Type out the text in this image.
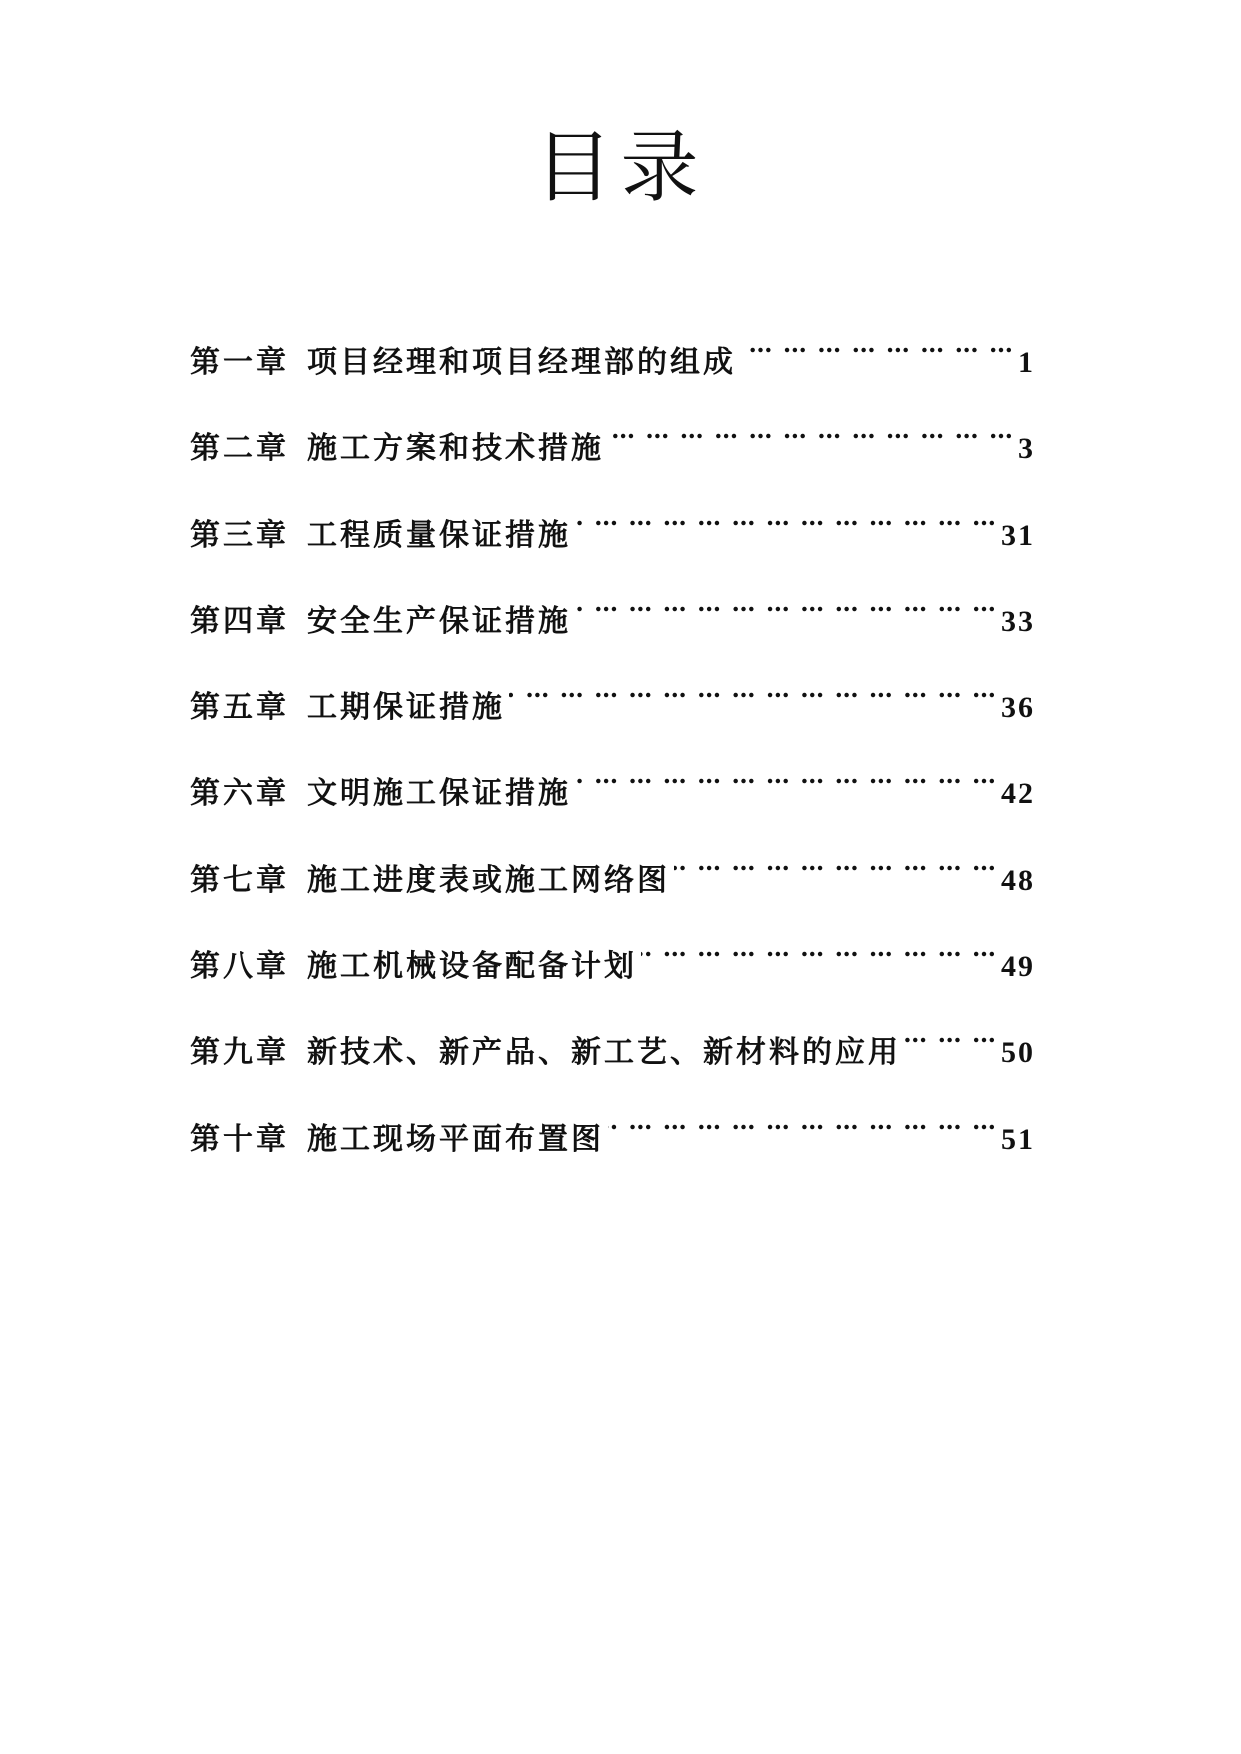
目录
第一章 项目经理和项目经理部的组成 … … … … … … … … … … … … … … … … … … … … … … … … … … … … … … … … … … … …	1
第二章 施工方案和技术措施 … … … … … … … … … … … … … … … … … … … … … … … … … … … … … … … … … … … …	3
第三章 工程质量保证措施 … … … … … … … … … … … … … … … … … … … … … … … … … … … … … … … … … … … …	31
第四章 安全生产保证措施 … … … … … … … … … … … … … … … … … … … … … … … … … … … … … … … … … … … …	33
第五章 工期保证措施 … … … … … … … … … … … … … … … … … … … … … … … … … … … … … … … … … … … …	36
第六章 文明施工保证措施 … … … … … … … … … … … … … … … … … … … … … … … … … … … … … … … … … … … …	42
第七章 施工进度表或施工网络图 … … … … … … … … … … … … … … … … … … … … … … … … … … … … … … … … … … … …	48
第八章 施工机械设备配备计划 … … … … … … … … … … … … … … … … … … … … … … … … … … … … … … … … … … … …	49
第九章 新技术、新产品、新工艺、新材料的应用 … … … … … … … … … … … … … … … … … … … … … … … … … … … … … … … … … … … …	50
第十章 施工现场平面布置图 … … … … … … … … … … … … … … … … … … … … … … … … … … … … … … … … … … … …	51
